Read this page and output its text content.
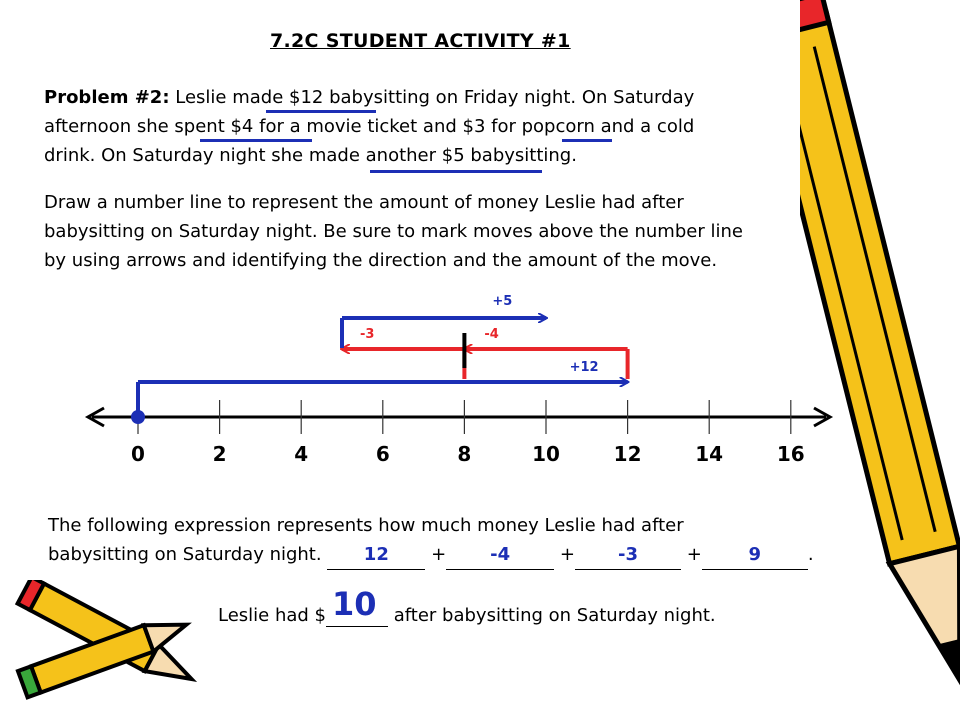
7.2C STUDENT ACTIVITY #1
Problem #2: Leslie made $12 babysitting on Friday night. On Saturday
afternoon she spent $4 for a movie ticket and $3 for popcorn and a cold
drink. On Saturday night she made another $5 babysitting.
Draw a number line to represent the amount of money Leslie had after
babysitting on Saturday night. Be sure to mark moves above the number line
by using arrows and identifying the direction and the amount of the move.
0	2	4	6	8	10	12	14	16
+12
-4
-3
+5
The following expression represents how much money Leslie had after
babysitting on Saturday night. 12 + -4	+ -3	+	9	.
Leslie had $ 10 after babysitting on Saturday night.
